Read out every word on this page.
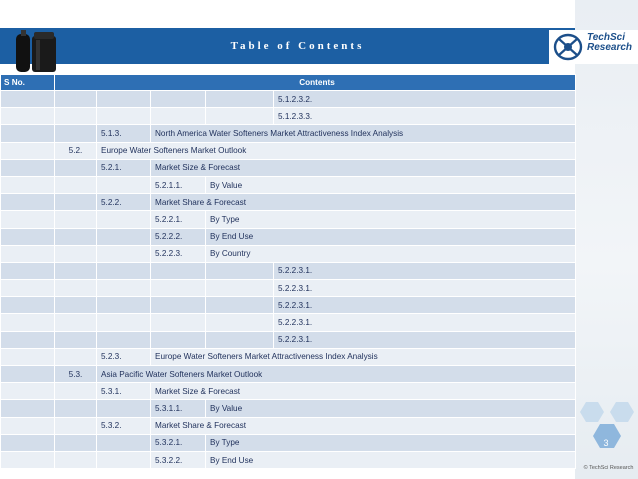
Table of Contents
TechSci
Research
S No.	Contents					
					5.1.2.3.2.	
					5.1.2.3.3.	
		5.1.3.	North America Water Softeners Market Attractiveness Index Analysis			
	5.2.	Europe Water Softeners Market Outlook				
		5.2.1.	Market Size & Forecast			
			5.2.1.1.	By Value		
		5.2.2.	Market Share & Forecast			
			5.2.2.1.	By Type		
			5.2.2.2.	By End Use		
			5.2.2.3.	By Country		
					5.2.2.3.1.	
					5.2.2.3.1.	
					5.2.2.3.1.	
					5.2.2.3.1.	
					5.2.2.3.1.	
		5.2.3.	Europe Water Softeners Market Attractiveness Index Analysis			
	5.3.	Asia Pacific Water Softeners Market Outlook				
		5.3.1.	Market Size & Forecast			
			5.3.1.1.	By Value		
		5.3.2.	Market Share & Forecast			
			5.3.2.1.	By Type		
			5.3.2.2.	By End Use		
3
© TechSci Research
